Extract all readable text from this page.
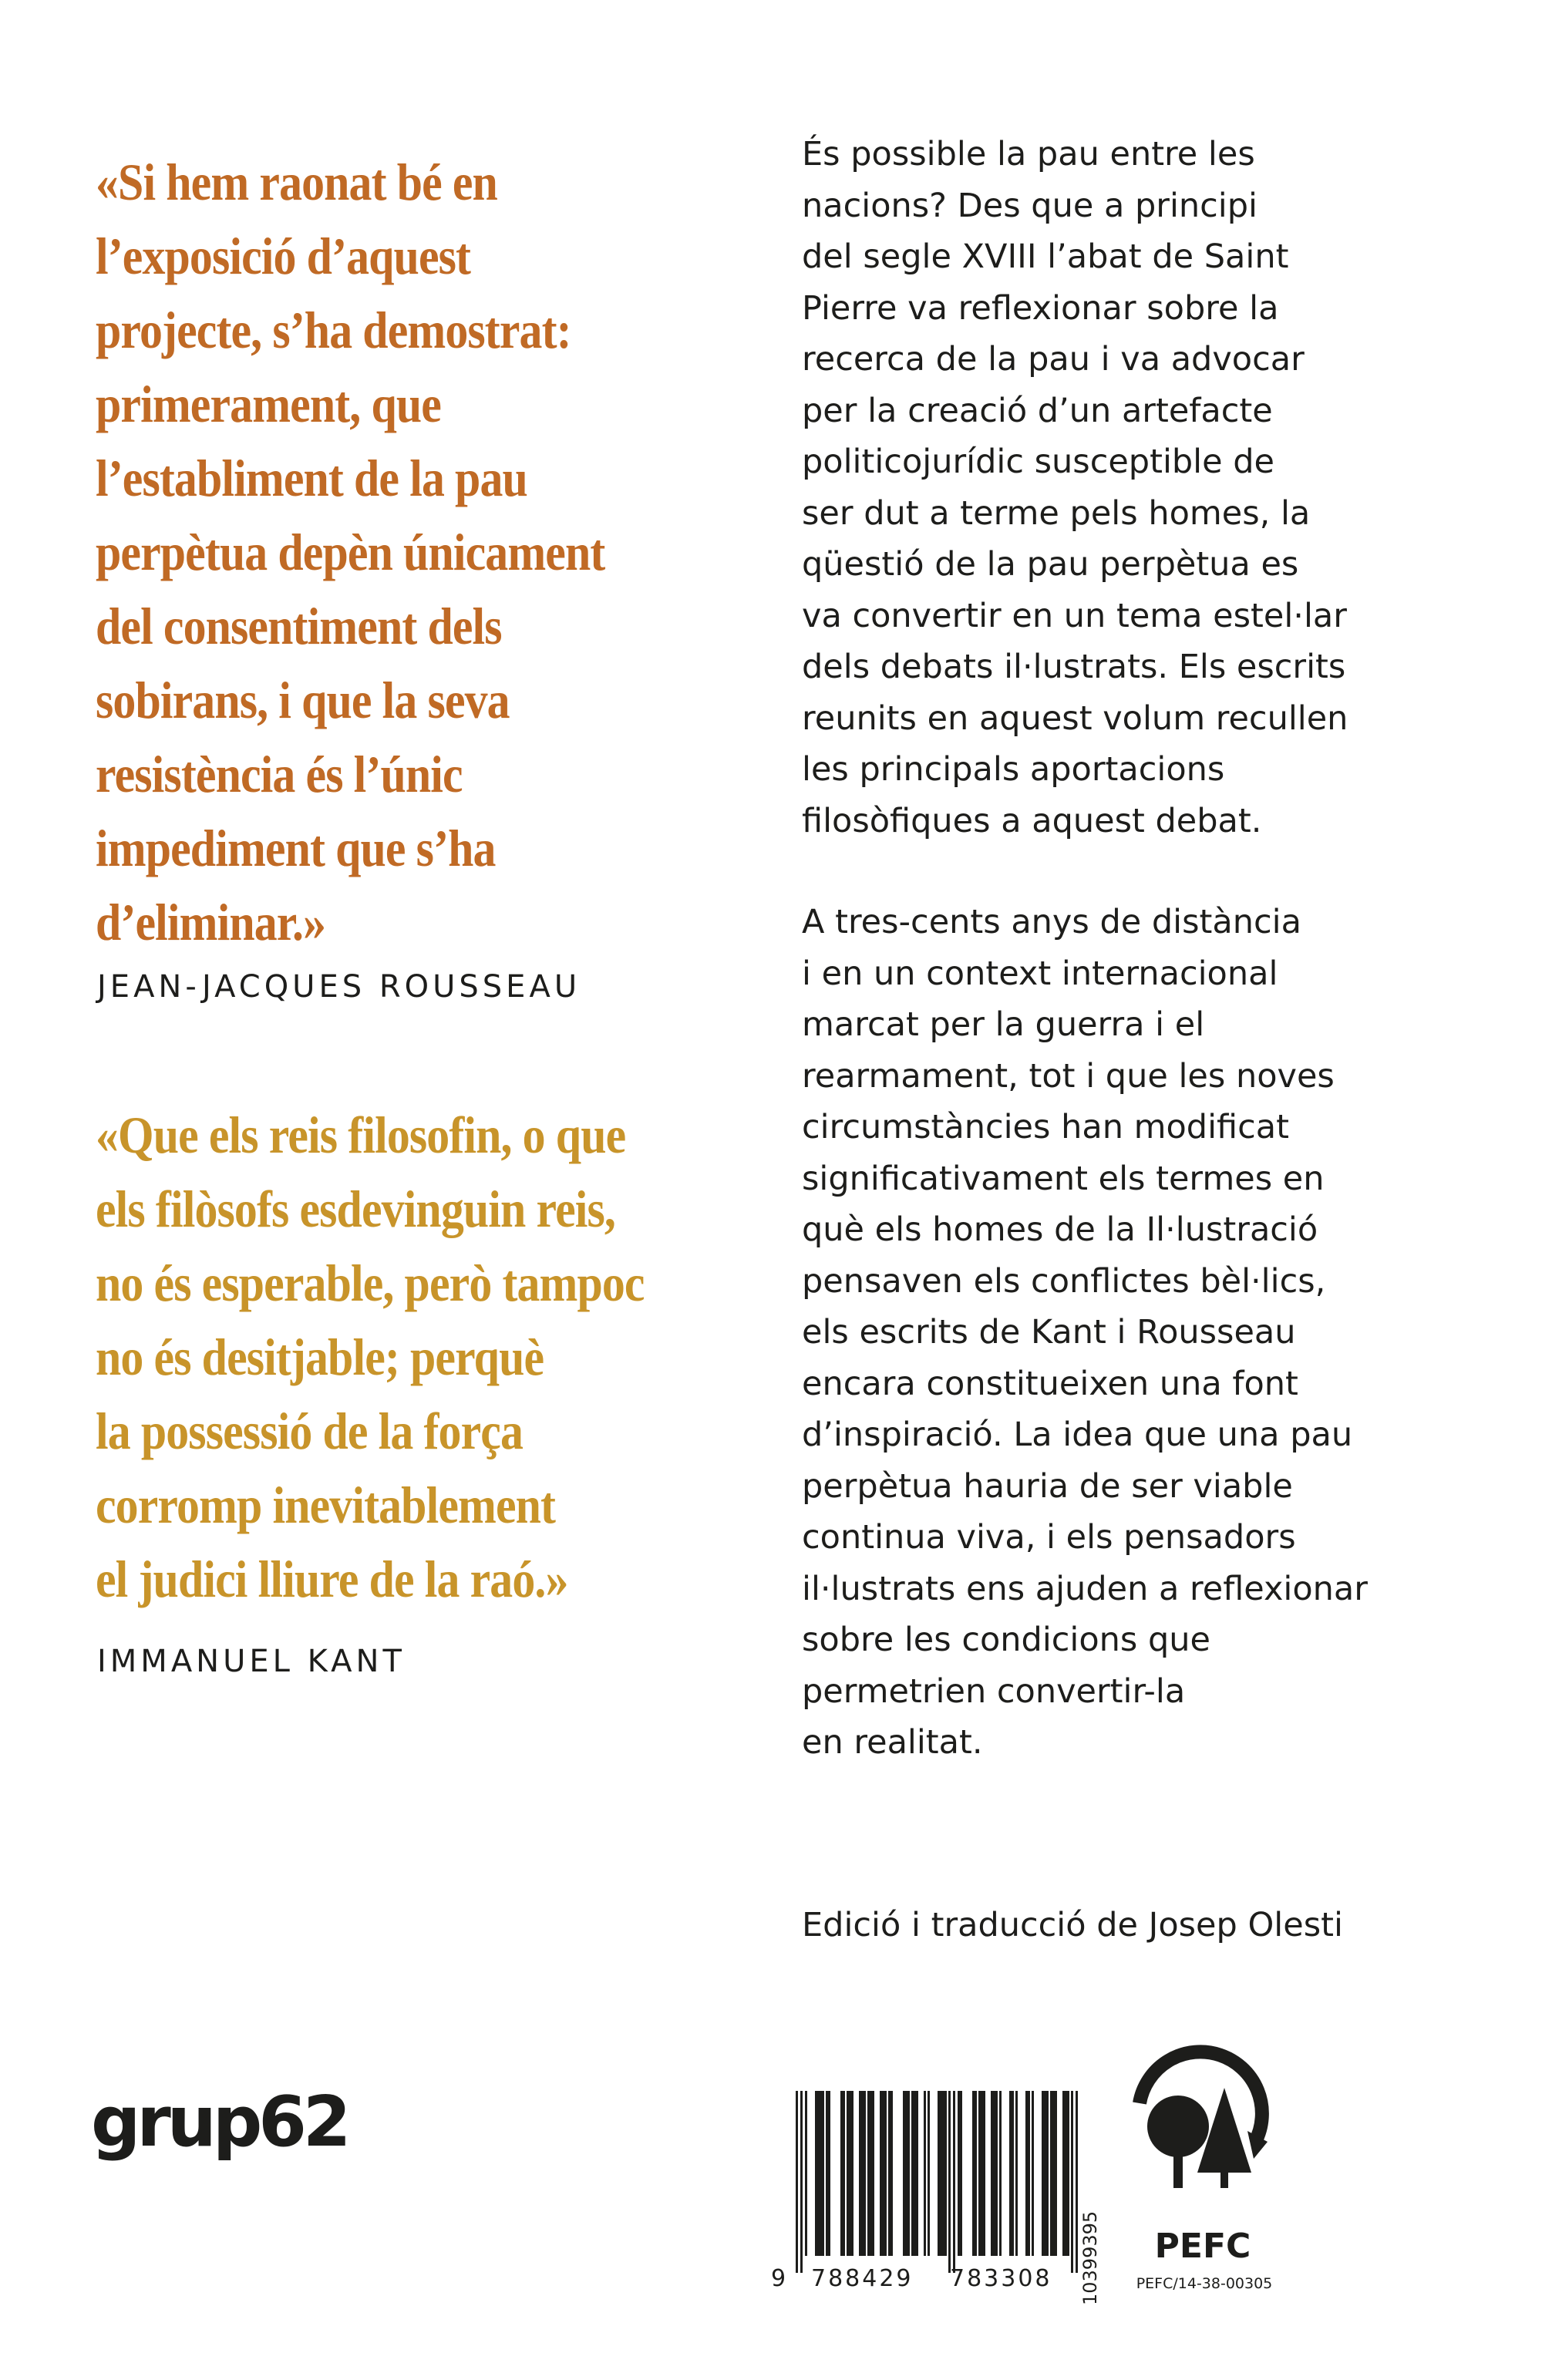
«Si hem raonat bé en
l’exposició d’aquest
projecte, s’ha demostrat:
primerament, que
l’establiment de la pau
perpètua depèn únicament
del consentiment dels
sobirans, i que la seva
resistència és l’únic
impediment que s’ha
d’eliminar.»
JEAN-JACQUES ROUSSEAU
«Que els reis filosofin, o que
els filòsofs esdevinguin reis,
no és esperable, però tampoc
no és desitjable; perquè
la possessió de la força
corromp inevitablement
el judici lliure de la raó.»
IMMANUEL KANT
És possible la pau entre les
nacions? Des que a principi
del segle XVIII l’abat de Saint
Pierre va reflexionar sobre la
recerca de la pau i va advocar
per la creació d’un artefacte
politicojurídic susceptible de
ser dut a terme pels homes, la
qüestió de la pau perpètua es
va convertir en un tema estel·lar
dels debats il·lustrats. Els escrits
reunits en aquest volum recullen
les principals aportacions
filosòfiques a aquest debat.
A tres-cents anys de distància
i en un context internacional
marcat per la guerra i el
rearmament, tot i que les noves
circumstàncies han modificat
significativament els termes en
què els homes de la Il·lustració
pensaven els conflictes bèl·lics,
els escrits de Kant i Rousseau
encara constitueixen una font
d’inspiració. La idea que una pau
perpètua hauria de ser viable
continua viva, i els pensadors
il·lustrats ens ajuden a reflexionar
sobre les condicions que
permetrien convertir-la
en realitat.
Edició i traducció de Josep Olesti
grup62
9 788429 783308 10399395	PEFC
PEFC/14-38-00305
